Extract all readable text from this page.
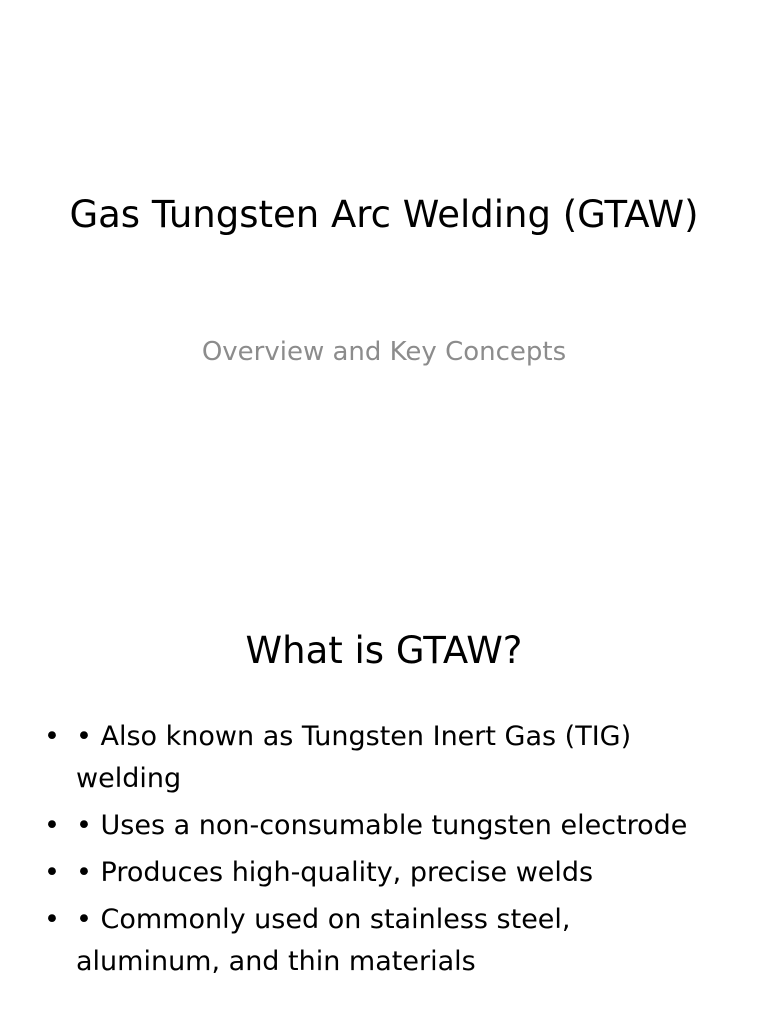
Gas Tungsten Arc Welding (GTAW)

Overview and Key Concepts

What is GTAW?
• • Also known as Tungsten Inert Gas (TIG) welding
• • Uses a non-consumable tungsten electrode
• • Produces high-quality, precise welds
• • Commonly used on stainless steel, aluminum, and thin materials
